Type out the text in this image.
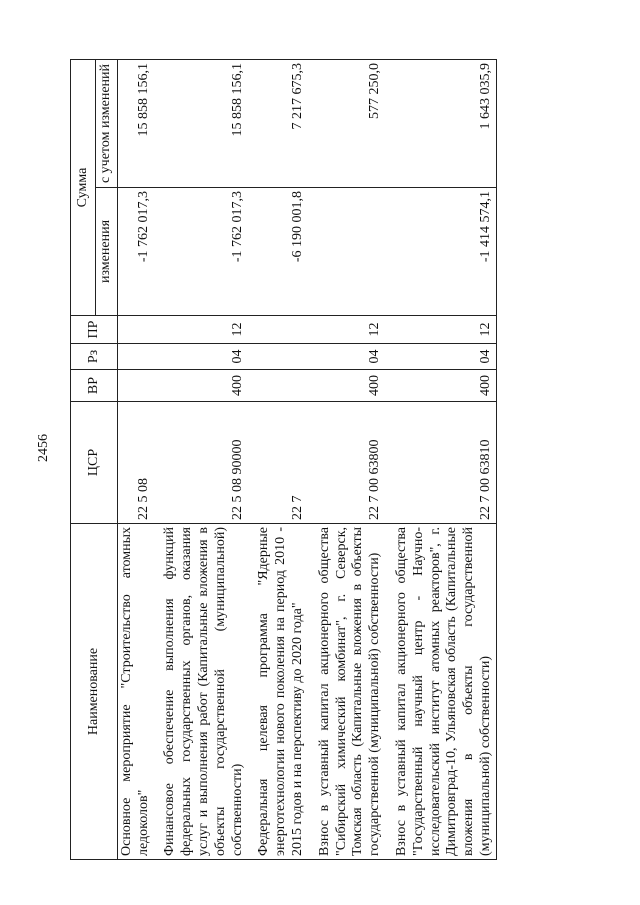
2456
Наименование	ЦСР	ВР	Рз	ПР	Сумма	
					изменения	с учетом изменений
Основное мероприятие "Строительство атомных ледоколов"	22 5 08				-1 762 017,3	15 858 156,1

Финансовое обеспечение выполнения функций федеральных государственных органов, оказания услуг и выполнения работ (Капитальные вложения в объекты государственной (муниципальной) собственности)	22 5 08 90000	400	04	12	-1 762 017,3	15 858 156,1

Федеральная целевая программа "Ядерные энерготехнологии нового поколения на период 2010 - 2015 годов и на перспективу до 2020 года"	22 7				-6 190 001,8	7 217 675,3

Взнос в уставный капитал акционерного общества "Сибирский химический комбинат", г. Северск, Томская область (Капитальные вложения в объекты государственной (муниципальной) собственности)	22 7 00 63800	400	04	12		577 250,0

Взнос в уставный капитал акционерного общества "Государственный научный центр - Научно-исследовательский институт атомных реакторов", г. Димитровград-10, Ульяновская область (Капитальные вложения в объекты государственной (муниципальной) собственности)	22 7 00 63810	400	04	12	-1 414 574,1	1 643 035,9
